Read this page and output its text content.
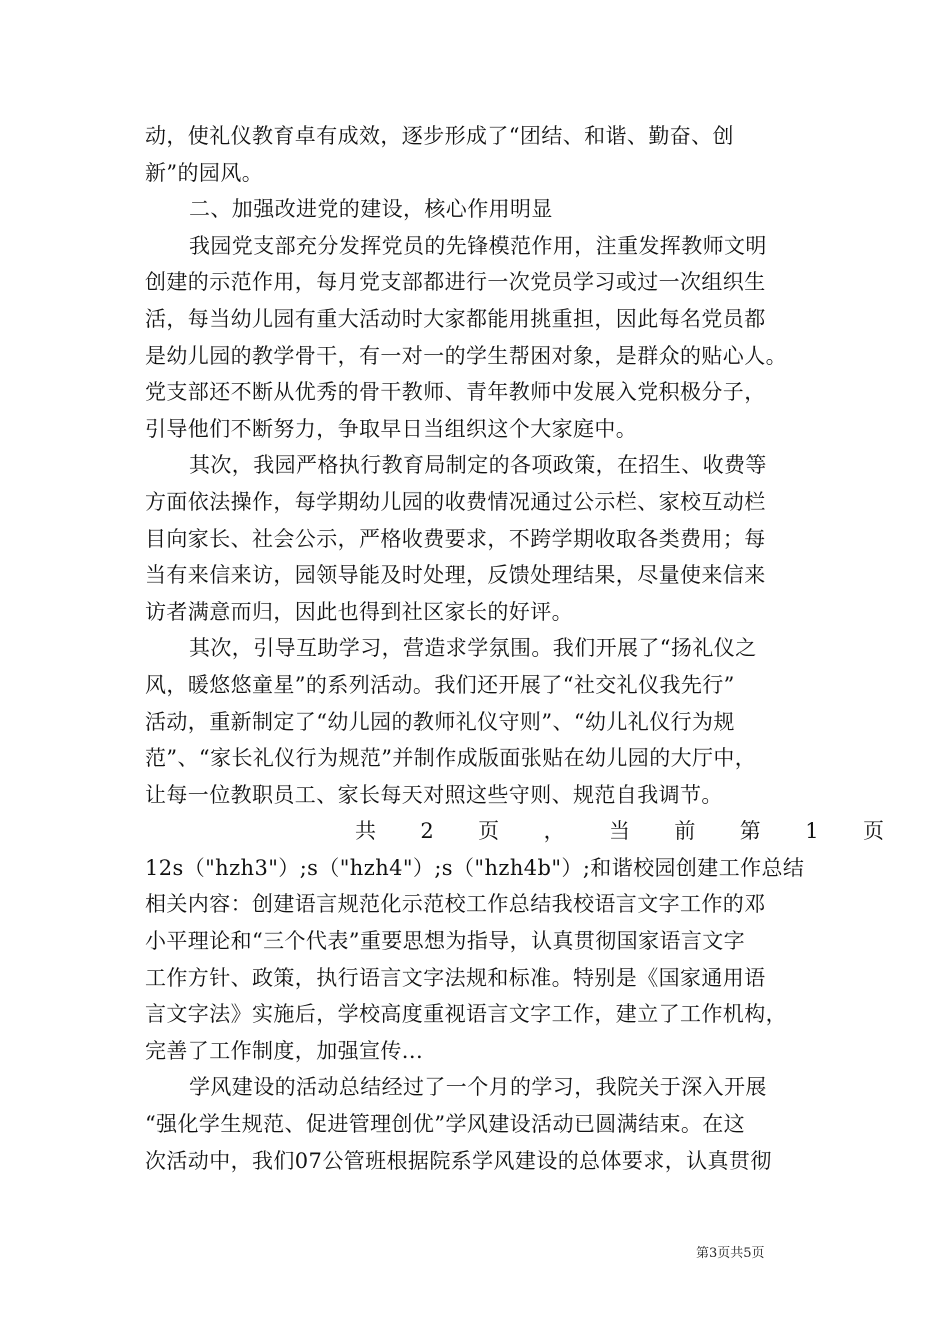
动，使礼仪教育卓有成效，逐步形成了“团结、和谐、勤奋、创
新”的园风。
二、加强改进党的建设，核心作用明显
我园党支部充分发挥党员的先锋模范作用，注重发挥教师文明
创建的示范作用，每月党支部都进行一次党员学习或过一次组织生
活，每当幼儿园有重大活动时大家都能用挑重担，因此每名党员都
是幼儿园的教学骨干，有一对一的学生帮困对象，是群众的贴心人。
党支部还不断从优秀的骨干教师、青年教师中发展入党积极分子，
引导他们不断努力，争取早日当组织这个大家庭中。
其次，我园严格执行教育局制定的各项政策，在招生、收费等
方面依法操作，每学期幼儿园的收费情况通过公示栏、家校互动栏
目向家长、社会公示，严格收费要求，不跨学期收取各类费用；每
当有来信来访，园领导能及时处理，反馈处理结果，尽量使来信来
访者满意而归，因此也得到社区家长的好评。
其次，引导互助学习，营造求学氛围。我们开展了“扬礼仪之
风，暖悠悠童星”的系列活动。我们还开展了“社交礼仪我先行”
活动，重新制定了“幼儿园的教师礼仪守则”、“幼儿礼仪行为规
范”、“家长礼仪行为规范”并制作成版面张贴在幼儿园的大厅中，
让每一位教职员工、家长每天对照这些守则、规范自我调节。
共 2 页 ， 当 前 第 1 页
12s（"hzh3"）;s（"hzh4"）;s（"hzh4b"）;和谐校园创建工作总结
相关内容：创建语言规范化示范校工作总结我校语言文字工作的邓
小平理论和“三个代表”重要思想为指导，认真贯彻国家语言文字
工作方针、政策，执行语言文字法规和标准。特别是《国家通用语
言文字法》实施后，学校高度重视语言文字工作，建立了工作机构，
完善了工作制度，加强宣传...
学风建设的活动总结经过了一个月的学习，我院关于深入开展
“强化学生规范、促进管理创优”学风建设活动已圆满结束。在这
次活动中，我们07公管班根据院系学风建设的总体要求，认真贯彻
第3页共5页
